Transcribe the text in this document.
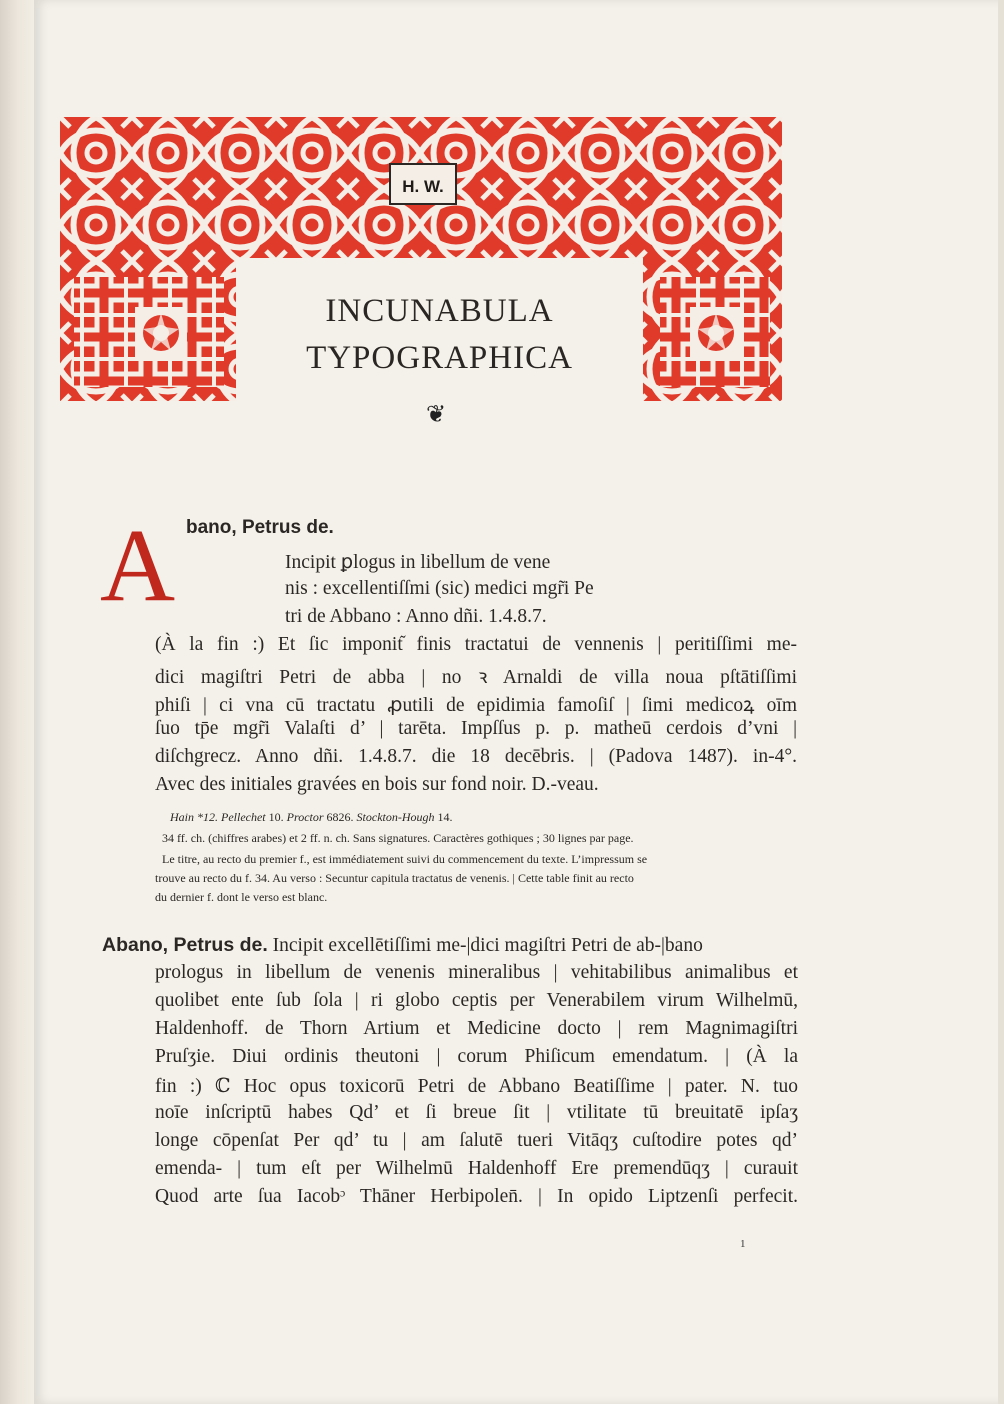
H. W.
INCUNABULA
TYPOGRAPHICA
❦
A bano, Petrus de.
Incipit ꝑlogus in libellum de vene
nis : excellentiſſmi (sic) medici mgr̃i Pe
tri de Abbano : Anno dñi. 1.4.8.7.
(À la fin :) Et ſic imponit᷉ finis tractatui de vennenis | peritiſſimi me-
dici magiſtri Petri de abba | no ꝛ Arnaldi de villa noua pſtātiſſimi
phiſi | ci vna cū tractatu ꝓutili de epidimia famoſiſ | ſimi medicoꝝ oīm
ſuo tp̄e mgr̃i Valaſti d’ | tarēta. Impſſus p. p. matheū cerdois d’vni |
diſchgrecz. Anno dñi. 1.4.8.7. die 18 decēbris. | (Padova 1487). in-4°.
Avec des initiales gravées en bois sur fond noir. D.-veau.
Hain *12. Pellechet 10. Proctor 6826. Stockton-Hough 14.
34 ff. ch. (chiffres arabes) et 2 ff. n. ch. Sans signatures. Caractères gothiques ; 30 lignes par page.
Le titre, au recto du premier f., est immédiatement suivi du commencement du texte. L’impressum se
trouve au recto du f. 34. Au verso : Secuntur capitula tractatus de venenis. | Cette table finit au recto
du dernier f. dont le verso est blanc.
Abano, Petrus de. Incipit excellētiſſimi me-|dici magiſtri Petri de ab-|bano
prologus in libellum de venenis mineralibus | vehitabilibus animalibus et
quolibet ente ſub ſola | ri globo ceptis per Venerabilem virum Wilhelmū,
Haldenhoff. de Thorn Artium et Medicine docto | rem Magnimagiſtri
Pruſʒie. Diui ordinis theutoni | corum Phiſicum emendatum. | (À la
fin :) ℂ Hoc opus toxicorū Petri de Abbano Beatiſſime | pater. N. tuo
noīe inſcriptū habes Qd’ et ſi breue ſit | vtilitate tū breuitatē ipſaʒ
longe cōpenſat Per qd’ tu | am ſalutē tueri Vitāqʒ cuſtodire potes qd’
emenda- | tum eſt per Wilhelmū Haldenhoff Ere premendūqʒ | curauit
Quod arte ſua Iacobᵓ Thāner Herbipolen̄. | In opido Liptzenſi perfecit.
1
